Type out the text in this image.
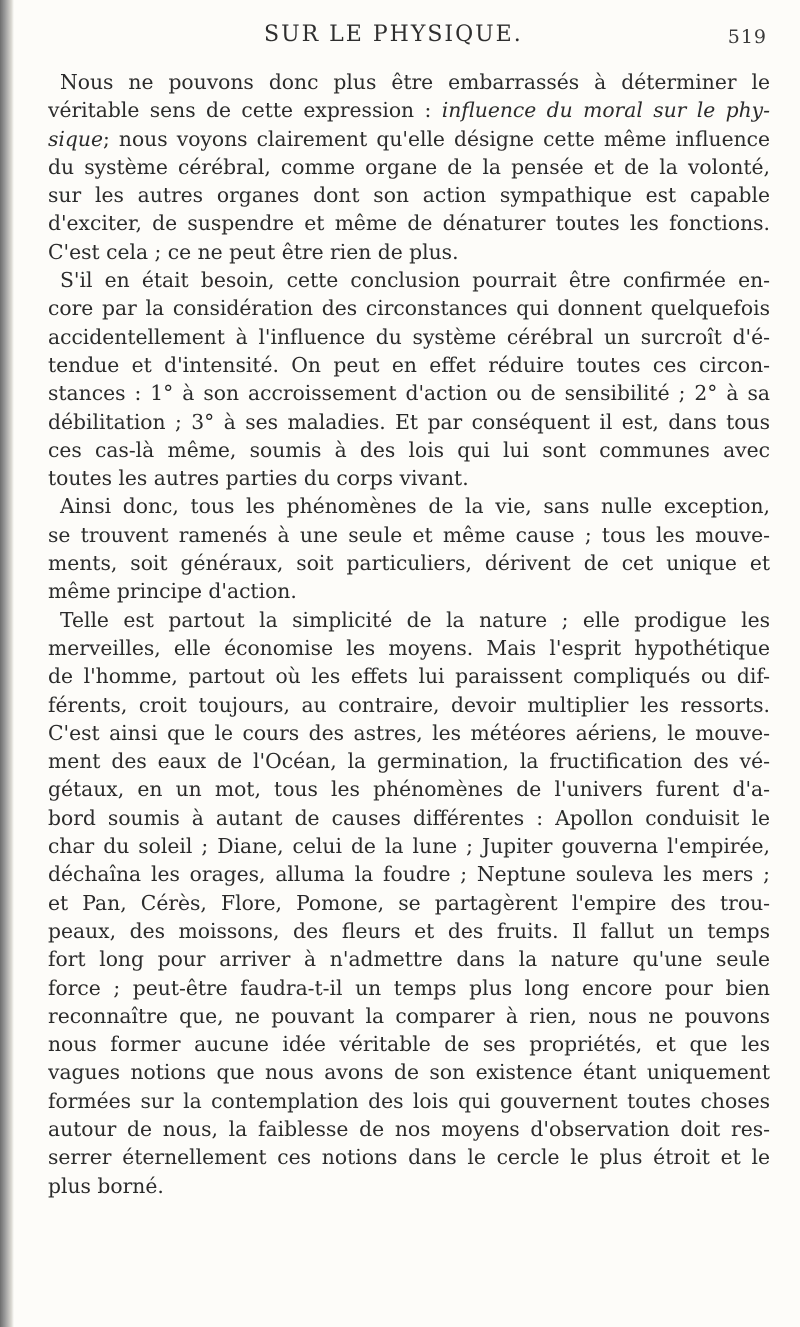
SUR LE PHYSIQUE.	519
Nous ne pouvons donc plus être embarrassés à déterminer le
véritable sens de cette expression : influence du moral sur le phy-
sique; nous voyons clairement qu'elle désigne cette même influence
du système cérébral, comme organe de la pensée et de la volonté,
sur les autres organes dont son action sympathique est capable
d'exciter, de suspendre et même de dénaturer toutes les fonctions.
C'est cela ; ce ne peut être rien de plus.
S'il en était besoin, cette conclusion pourrait être confirmée en-
core par la considération des circonstances qui donnent quelquefois
accidentellement à l'influence du système cérébral un surcroît d'é-
tendue et d'intensité. On peut en effet réduire toutes ces circon-
stances : 1° à son accroissement d'action ou de sensibilité ; 2° à sa
débilitation ; 3° à ses maladies. Et par conséquent il est, dans tous
ces cas-là même, soumis à des lois qui lui sont communes avec
toutes les autres parties du corps vivant.
Ainsi donc, tous les phénomènes de la vie, sans nulle exception,
se trouvent ramenés à une seule et même cause ; tous les mouve-
ments, soit généraux, soit particuliers, dérivent de cet unique et
même principe d'action.
Telle est partout la simplicité de la nature ; elle prodigue les
merveilles, elle économise les moyens. Mais l'esprit hypothétique
de l'homme, partout où les effets lui paraissent compliqués ou dif-
férents, croit toujours, au contraire, devoir multiplier les ressorts.
C'est ainsi que le cours des astres, les météores aériens, le mouve-
ment des eaux de l'Océan, la germination, la fructification des vé-
gétaux, en un mot, tous les phénomènes de l'univers furent d'a-
bord soumis à autant de causes différentes : Apollon conduisit le
char du soleil ; Diane, celui de la lune ; Jupiter gouverna l'empirée,
déchaîna les orages, alluma la foudre ; Neptune souleva les mers ;
et Pan, Cérès, Flore, Pomone, se partagèrent l'empire des trou-
peaux, des moissons, des fleurs et des fruits. Il fallut un temps
fort long pour arriver à n'admettre dans la nature qu'une seule
force ; peut-être faudra-t-il un temps plus long encore pour bien
reconnaître que, ne pouvant la comparer à rien, nous ne pouvons
nous former aucune idée véritable de ses propriétés, et que les
vagues notions que nous avons de son existence étant uniquement
formées sur la contemplation des lois qui gouvernent toutes choses
autour de nous, la faiblesse de nos moyens d'observation doit res-
serrer éternellement ces notions dans le cercle le plus étroit et le
plus borné.
